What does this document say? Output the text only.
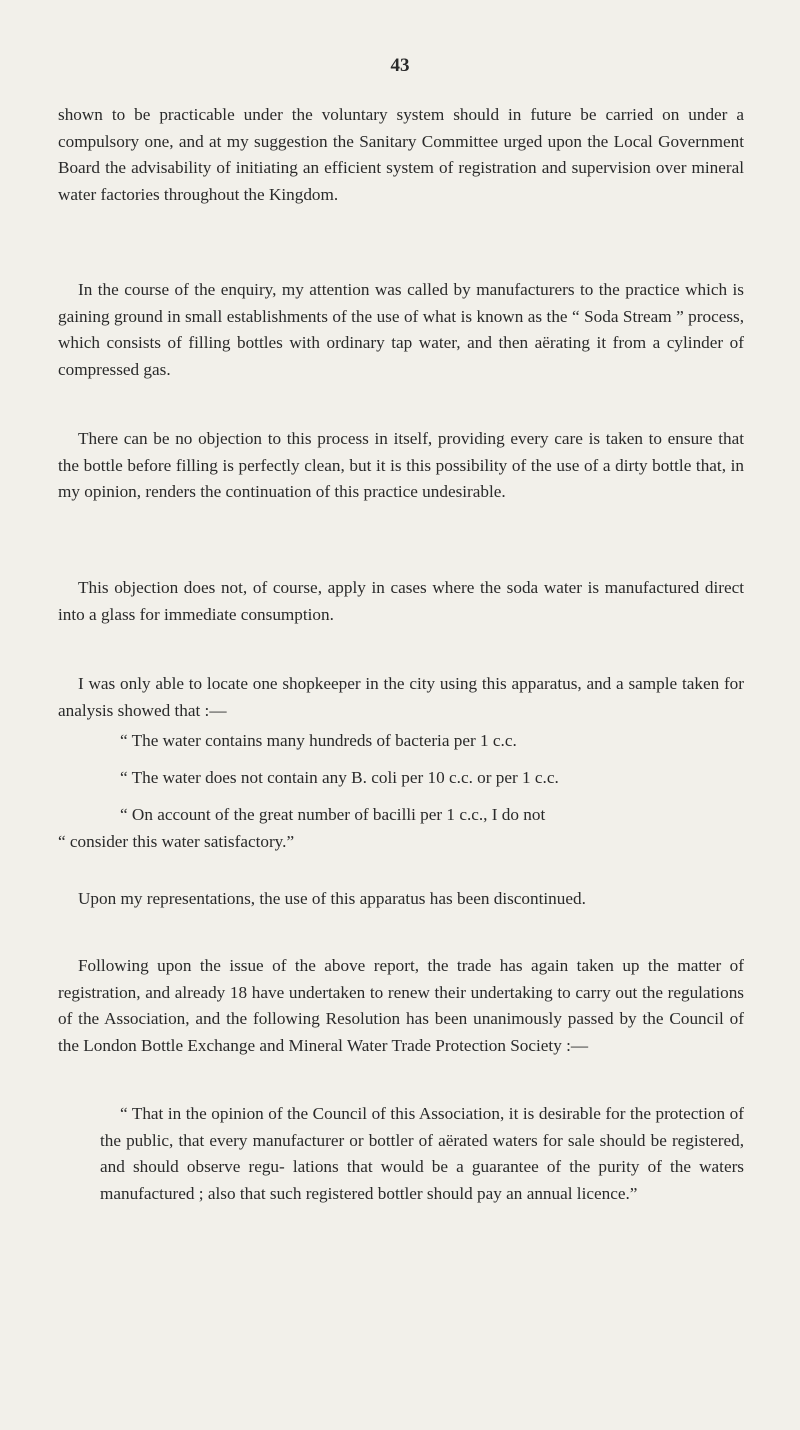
43

shown to be practicable under the voluntary system should in future be carried on under a compulsory one, and at my suggestion the Sanitary Committee urged upon the Local Government Board the advisability of initiating an efficient system of registration and supervision over mineral water factories throughout the Kingdom.

In the course of the enquiry, my attention was called by manufacturers to the practice which is gaining ground in small establishments of the use of what is known as the “ Soda Stream ” process, which consists of filling bottles with ordinary tap water, and then aërating it from a cylinder of compressed gas.

There can be no objection to this process in itself, providing every care is taken to ensure that the bottle before filling is perfectly clean, but it is this possibility of the use of a dirty bottle that, in my opinion, renders the continuation of this practice undesirable.

This objection does not, of course, apply in cases where the soda water is manufactured direct into a glass for immediate consumption.

I was only able to locate one shopkeeper in the city using this apparatus, and a sample taken for analysis showed that :—

“ The water contains many hundreds of bacteria per 1 c.c.

“ The water does not contain any B. coli per 10 c.c. or per 1 c.c.

“ On account of the great number of bacilli per 1 c.c., I do not

“ consider this water satisfactory.”

Upon my representations, the use of this apparatus has been discontinued.

Following upon the issue of the above report, the trade has again taken up the matter of registration, and already 18 have undertaken to renew their undertaking to carry out the regulations of the Association, and the following Resolution has been unanimously passed by the Council of the London Bottle Exchange and Mineral Water Trade Protection Society :—

“ That in the opinion of the Council of this Association, it is desirable for the protection of the public, that every manufacturer or bottler of aërated waters for sale should be registered, and should observe regu- lations that would be a guarantee of the purity of the waters manufactured ; also that such registered bottler should pay an annual licence.”
